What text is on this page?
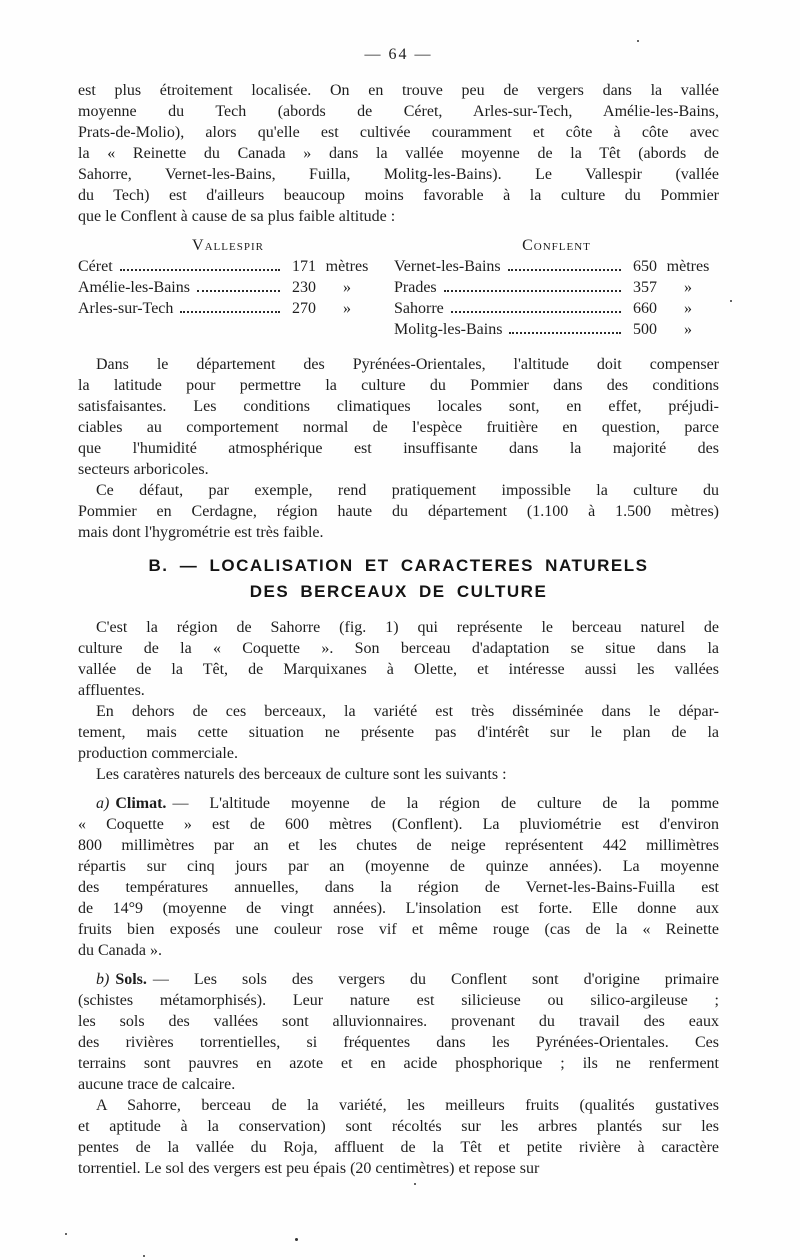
— 64 —
est plus étroitement localisée. On en trouve peu de vergers dans la vallée
moyenne du Tech (abords de Céret, Arles-sur-Tech, Amélie-les-Bains,
Prats-de-Molio), alors qu'elle est cultivée couramment et côte à côte avec
la « Reinette du Canada » dans la vallée moyenne de la Têt (abords de
Sahorre, Vernet-les-Bains, Fuilla, Molitg-les-Bains). Le Vallespir (vallée
du Tech) est d'ailleurs beaucoup moins favorable à la culture du Pommier
que le Conflent à cause de sa plus faible altitude :
Vallespir
Céret	171 mètres
Amélie-les-Bains	230	»
Arles-sur-Tech	270	»
Conflent
Vernet-les-Bains	650 mètres
Prades	357	»
Sahorre	660	»
Molitg-les-Bains	500	»
Dans le département des Pyrénées-Orientales, l'altitude doit compenser
la latitude pour permettre la culture du Pommier dans des conditions
satisfaisantes. Les conditions climatiques locales sont, en effet, préjudi-
ciables au comportement normal de l'espèce fruitière en question, parce
que l'humidité atmosphérique est insuffisante dans la majorité des
secteurs arboricoles.
Ce défaut, par exemple, rend pratiquement impossible la culture du
Pommier en Cerdagne, région haute du département (1.100 à 1.500 mètres)
mais dont l'hygrométrie est très faible.
B. — LOCALISATION ET CARACTERES NATURELS
DES BERCEAUX DE CULTURE
C'est la région de Sahorre (fig. 1) qui représente le berceau naturel de
culture de la « Coquette ». Son berceau d'adaptation se situe dans la
vallée de la Têt, de Marquixanes à Olette, et intéresse aussi les vallées
affluentes.
En dehors de ces berceaux, la variété est très disséminée dans le dépar-
tement, mais cette situation ne présente pas d'intérêt sur le plan de la
production commerciale.
Les caratères naturels des berceaux de culture sont les suivants :
a) Climat. — L'altitude moyenne de la région de culture de la pomme
« Coquette » est de 600 mètres (Conflent). La pluviométrie est d'environ
800 millimètres par an et les chutes de neige représentent 442 millimètres
répartis sur cinq jours par an (moyenne de quinze années). La moyenne
des températures annuelles, dans la région de Vernet-les-Bains-Fuilla est
de 14°9 (moyenne de vingt années). L'insolation est forte. Elle donne aux
fruits bien exposés une couleur rose vif et même rouge (cas de la « Reinette
du Canada ».
b) Sols. — Les sols des vergers du Conflent sont d'origine primaire
(schistes métamorphisés). Leur nature est silicieuse ou silico-argileuse ;
les sols des vallées sont alluvionnaires. provenant du travail des eaux
des rivières torrentielles, si fréquentes dans les Pyrénées-Orientales. Ces
terrains sont pauvres en azote et en acide phosphorique ; ils ne renferment
aucune trace de calcaire.
A Sahorre, berceau de la variété, les meilleurs fruits (qualités gustatives
et aptitude à la conservation) sont récoltés sur les arbres plantés sur les
pentes de la vallée du Roja, affluent de la Têt et petite rivière à caractère
torrentiel. Le sol des vergers est peu épais (20 centimètres) et repose sur
